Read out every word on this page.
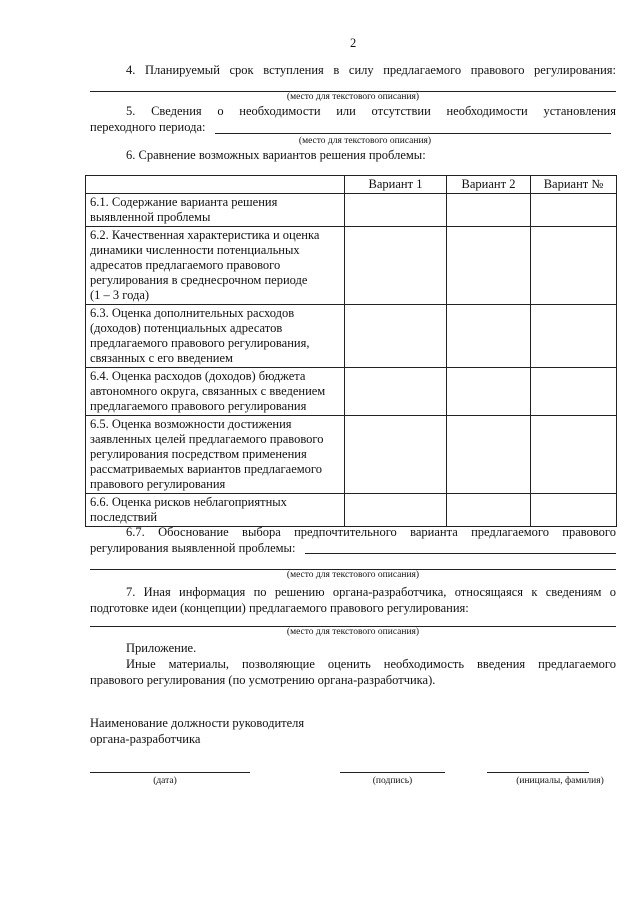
2
4. Планируемый срок вступления в силу предлагаемого правового регулирования:
(место для текстового описания)
5. Сведения о необходимости или отсутствии необходимости установления
переходного периода:
(место для текстового описания)
6. Сравнение возможных вариантов решения проблемы:
	Вариант 1	Вариант 2	Вариант №

6.1. Содержание варианта решения
выявленной проблемы			

6.2. Качественная характеристика и оценка
динамики численности потенциальных
адресатов предлагаемого правового
регулирования в среднесрочном периоде
(1 – 3 года)			

6.3. Оценка дополнительных расходов
(доходов) потенциальных адресатов
предлагаемого правового регулирования,
связанных с его введением			

6.4. Оценка расходов (доходов) бюджета
автономного округа, связанных с введением
предлагаемого правового регулирования			

6.5. Оценка возможности достижения
заявленных целей предлагаемого правового
регулирования посредством применения
рассматриваемых вариантов предлагаемого
правового регулирования			

6.6. Оценка рисков неблагоприятных
последствий			

6.7. Обоснование выбора предпочтительного варианта предлагаемого правового
регулирования выявленной проблемы:
(место для текстового описания)
7. Иная информация по решению органа-разработчика, относящаяся к сведениям о
подготовке идеи (концепции) предлагаемого правового регулирования:
(место для текстового описания)
Приложение.
Иные материалы, позволяющие оценить необходимость введения предлагаемого
правового регулирования (по усмотрению органа-разработчика).
Наименование должности руководителя
органа-разработчика
(дата)	(подпись)	(инициалы, фамилия)
